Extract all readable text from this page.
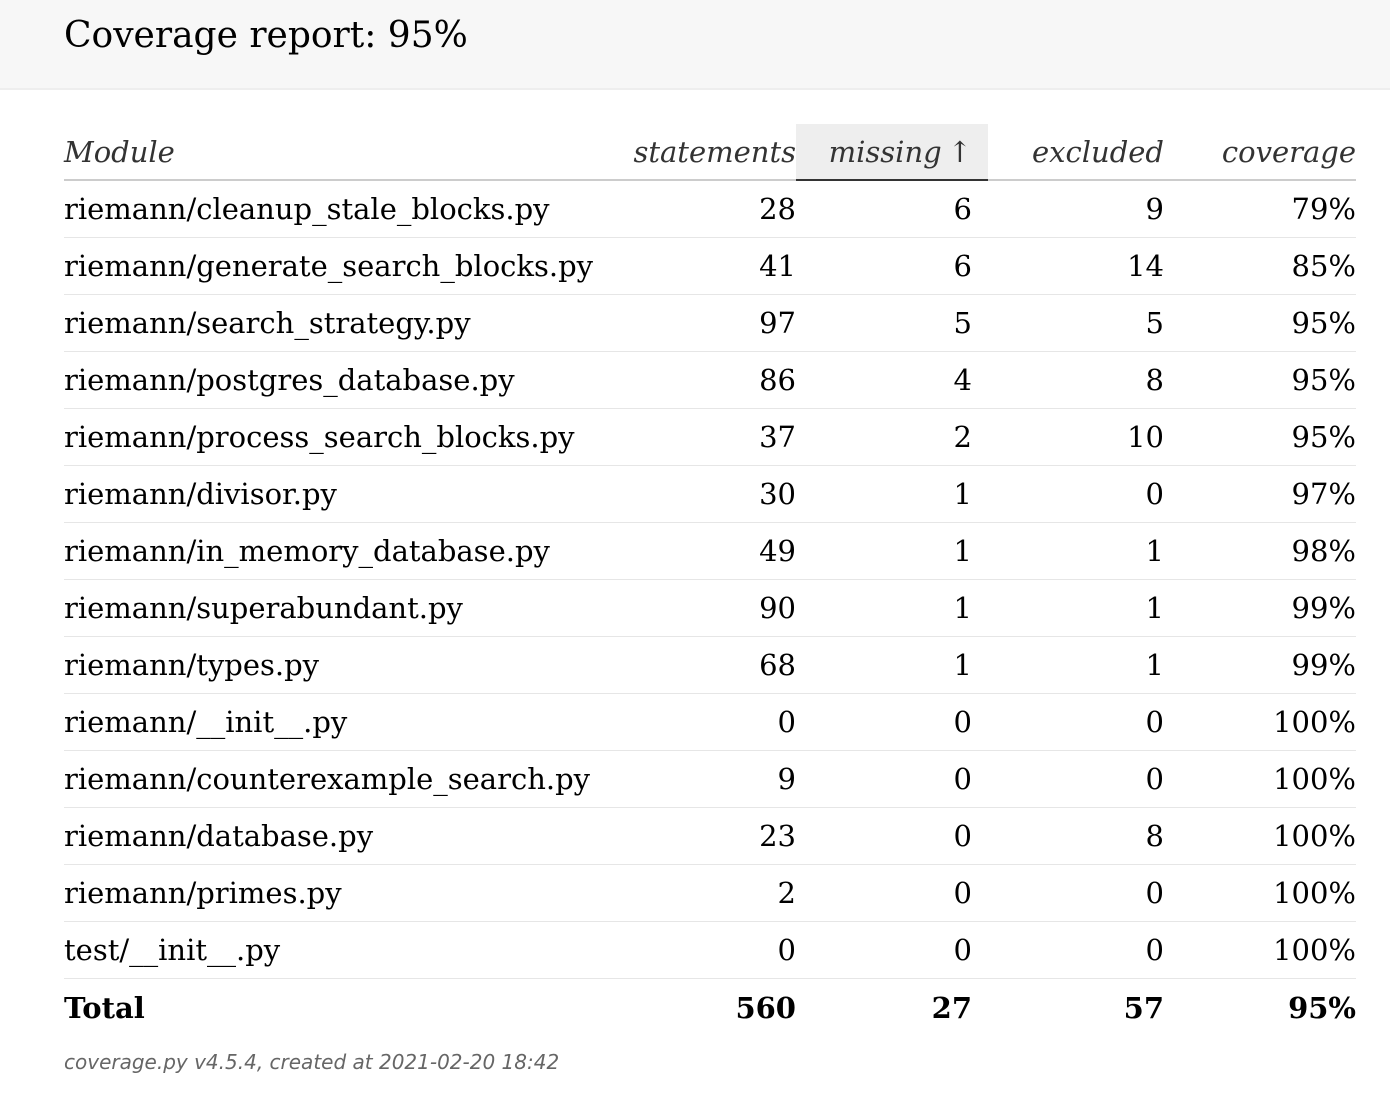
Coverage report: 95%
Module	statements	missing ↑	excluded	coverage
riemann/cleanup_stale_blocks.py	28	6	9	79%
riemann/generate_search_blocks.py	41	6	14	85%
riemann/search_strategy.py	97	5	5	95%
riemann/postgres_database.py	86	4	8	95%
riemann/process_search_blocks.py	37	2	10	95%
riemann/divisor.py	30	1	0	97%
riemann/in_memory_database.py	49	1	1	98%
riemann/superabundant.py	90	1	1	99%
riemann/types.py	68	1	1	99%
riemann/__init__.py	0	0	0	100%
riemann/counterexample_search.py	9	0	0	100%
riemann/database.py	23	0	8	100%
riemann/primes.py	2	0	0	100%
test/__init__.py	0	0	0	100%
Total	560	27	57	95%
coverage.py v4.5.4, created at 2021-02-20 18:42
